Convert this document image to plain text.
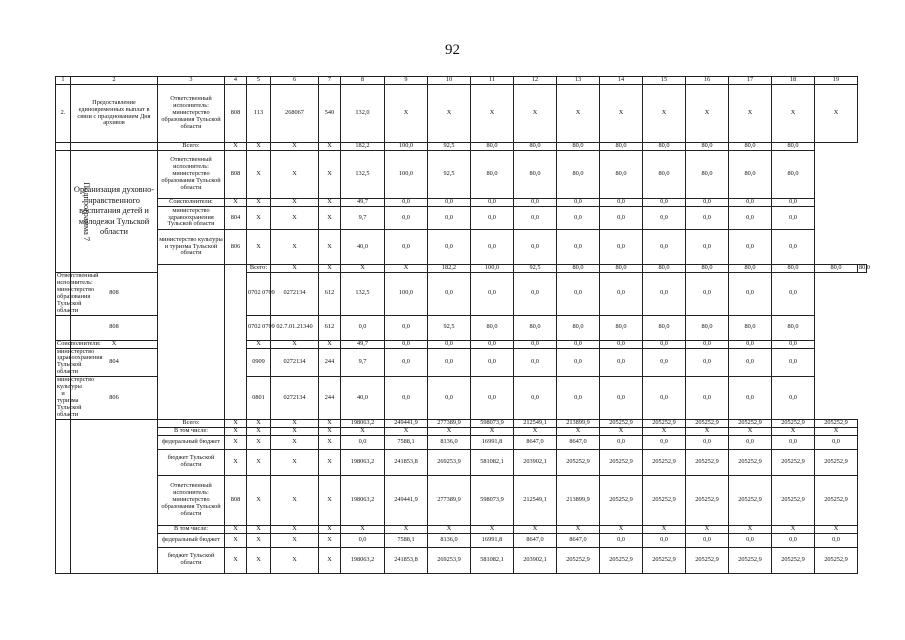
92
1	2	3	4	5	6	7	8	9	10	11	12	13	14	15	16	17	18	19	
2.	Предоставление единовременных выплат в связи с празднованием Дня архивов	Ответственный исполнитель: министерство образования Тульской области	808	113	268067	540	132,0	X	X	X	X	X	X	X	X	X	X	X	
		Всего:	X	X	X	X	182,2	100,0	92,5	80,0	80,0	80,0	80,0	80,0	80,0	80,0	80,0		
Подпрограмма 7	Организация духовно-нравственного воспитания детей и молодежи Тульской области	Ответственный исполнитель: министерство образования Тульской области	808	X	X	X	132,5	100,0	92,5	80,0	80,0	80,0	80,0	80,0	80,0	80,0	80,0		
		Соисполнители:	X	X	X	X	49,7	0,0	0,0	0,0	0,0	0,0	0,0	0,0	0,0	0,0	0,0		
		министерство здравоохранения Тульской области	804	X	X	X	9,7	0,0	0,0	0,0	0,0	0,0	0,0	0,0	0,0	0,0	0,0		
		министерство культуры и туризма Тульской области	806	X	X	X	40,0	0,0	0,0	0,0	0,0	0,0	0,0	0,0	0,0	0,0	0,0		
				Всего:	X	X	X	X	182,2	100,0	92,5	80,0	80,0	80,0	80,0	80,0	80,0	80,0	80,0
Ответственный исполнитель: министерство образования Тульской области	808			0702 0709	0272134	612	132,5	100,0	0,0	0,0	0,0	0,0	0,0	0,0	0,0	0,0	0,0		
	808			0702 0709	02.7.01.21340	612	0,0	0,0	92,5	80,0	80,0	80,0	80,0	80,0	80,0	80,0	80,0		
Соисполнители:	X			X	X	X	49,7	0,0	0,0	0,0	0,0	0,0	0,0	0,0	0,0	0,0	0,0		
министерство здравоохранения Тульской области	804			0909	0272134	244	9,7	0,0	0,0	0,0	0,0	0,0	0,0	0,0	0,0	0,0	0,0		
министерство культуры и туризма Тульской области	806			0801	0272134	244	40,0	0,0	0,0	0,0	0,0	0,0	0,0	0,0	0,0	0,0	0,0		
		Всего:	X	X	X	X	198063,2	249441,9	277389,9	598073,9	212549,1	213899,9	205252,9	205252,9	205252,9	205252,9	205252,9	205252,9	
		В том числе:	X	X	X	X	X	X	X	X	X	X	X	X	X	X	X	X	
		федеральный бюджет	X	X	X	X	0,0	7588,1	8136,0	16991,8	8647,0	8647,0	0,0	0,0	0,0	0,0	0,0	0,0	
		бюджет Тульской области	X	X	X	X	198063,2	241853,8	269253,9	581082,1	203902,1	205252,9	205252,9	205252,9	205252,9	205252,9	205252,9	205252,9	
		Ответственный исполнитель: министерство образования Тульской области	808	X	X	X	198063,2	249441,9	277389,9	598073,9	212549,1	213899,9	205252,9	205252,9	205252,9	205252,9	205252,9	205252,9	
		В том числе:	X	X	X	X	X	X	X	X	X	X	X	X	X	X	X	X	
		федеральный бюджет	X	X	X	X	0,0	7588,1	8136,0	16991,8	8647,0	8647,0	0,0	0,0	0,0	0,0	0,0	0,0	
		бюджет Тульской области	X	X	X	X	198063,2	241853,8	269253,9	581082,1	203902,1	205252,9	205252,9	205252,9	205252,9	205252,9	205252,9	205252,9	
